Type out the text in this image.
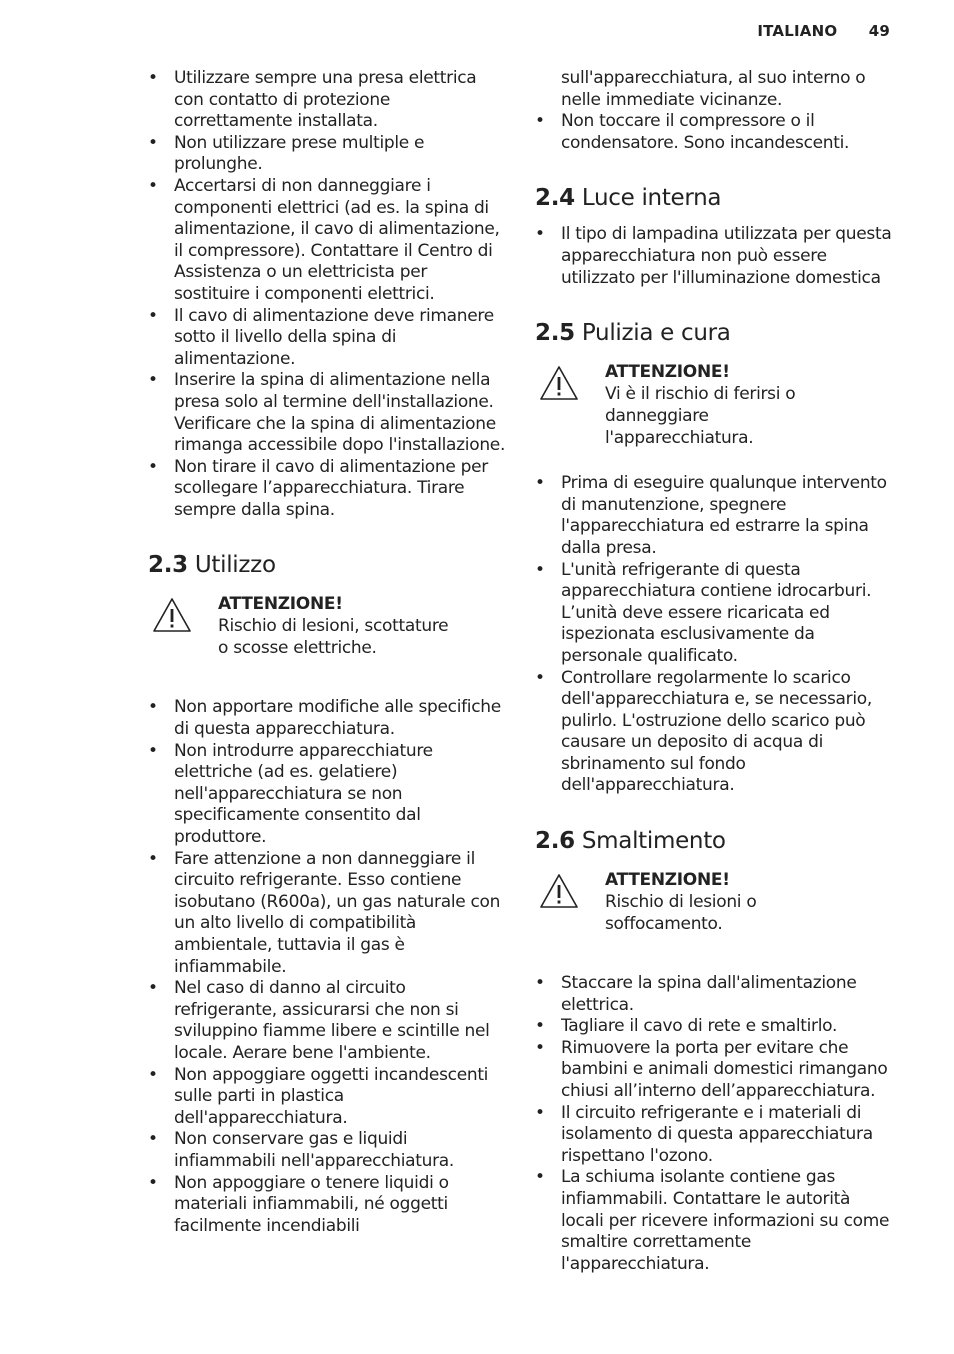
ITALIANO 49
• Utilizzare sempre una presa elettrica con contatto di protezione correttamente installata.
• Non utilizzare prese multiple e prolunghe.
• Accertarsi di non danneggiare i componenti elettrici (ad es. la spina di alimentazione, il cavo di alimentazione, il compressore). Contattare il Centro di Assistenza o un elettricista per sostituire i componenti elettrici.
• Il cavo di alimentazione deve rimanere sotto il livello della spina di alimentazione.
• Inserire la spina di alimentazione nella presa solo al termine dell'installazione. Verificare che la spina di alimentazione rimanga accessibile dopo l'installazione.
• Non tirare il cavo di alimentazione per scollegare l’apparecchiatura. Tirare sempre dalla spina.
2.3 Utilizzo
ATTENZIONE!
Rischio di lesioni, scottature
o scosse elettriche.
• Non apportare modifiche alle specifiche di questa apparecchiatura.
• Non introdurre apparecchiature elettriche (ad es. gelatiere) nell'apparecchiatura se non specificamente consentito dal produttore.
• Fare attenzione a non danneggiare il circuito refrigerante. Esso contiene isobutano (R600a), un gas naturale con un alto livello di compatibilità ambientale, tuttavia il gas è infiammabile.
• Nel caso di danno al circuito refrigerante, assicurarsi che non si sviluppino fiamme libere e scintille nel locale. Aerare bene l'ambiente.
• Non appoggiare oggetti incandescenti sulle parti in plastica dell'apparecchiatura.
• Non conservare gas e liquidi infiammabili nell'apparecchiatura.
• Non appoggiare o tenere liquidi o materiali infiammabili, né oggetti facilmente incendiabili
sull'apparecchiatura, al suo interno o
nelle immediate vicinanze.
• Non toccare il compressore o il condensatore. Sono incandescenti.
2.4 Luce interna
• Il tipo di lampadina utilizzata per questa apparecchiatura non può essere utilizzato per l'illuminazione domestica
2.5 Pulizia e cura
ATTENZIONE!
Vi è il rischio di ferirsi o
danneggiare
l'apparecchiatura.
• Prima di eseguire qualunque intervento di manutenzione, spegnere l'apparecchiatura ed estrarre la spina dalla presa.
• L'unità refrigerante di questa apparecchiatura contiene idrocarburi. L’unità deve essere ricaricata ed ispezionata esclusivamente da personale qualificato.
• Controllare regolarmente lo scarico dell'apparecchiatura e, se necessario, pulirlo. L'ostruzione dello scarico può causare un deposito di acqua di sbrinamento sul fondo dell'apparecchiatura.
2.6 Smaltimento
ATTENZIONE!
Rischio di lesioni o
soffocamento.
• Staccare la spina dall'alimentazione elettrica.
• Tagliare il cavo di rete e smaltirlo.
• Rimuovere la porta per evitare che bambini e animali domestici rimangano chiusi all’interno dell’apparecchiatura.
• Il circuito refrigerante e i materiali di isolamento di questa apparecchiatura rispettano l'ozono.
• La schiuma isolante contiene gas infiammabili. Contattare le autorità locali per ricevere informazioni su come smaltire correttamente l'apparecchiatura.
